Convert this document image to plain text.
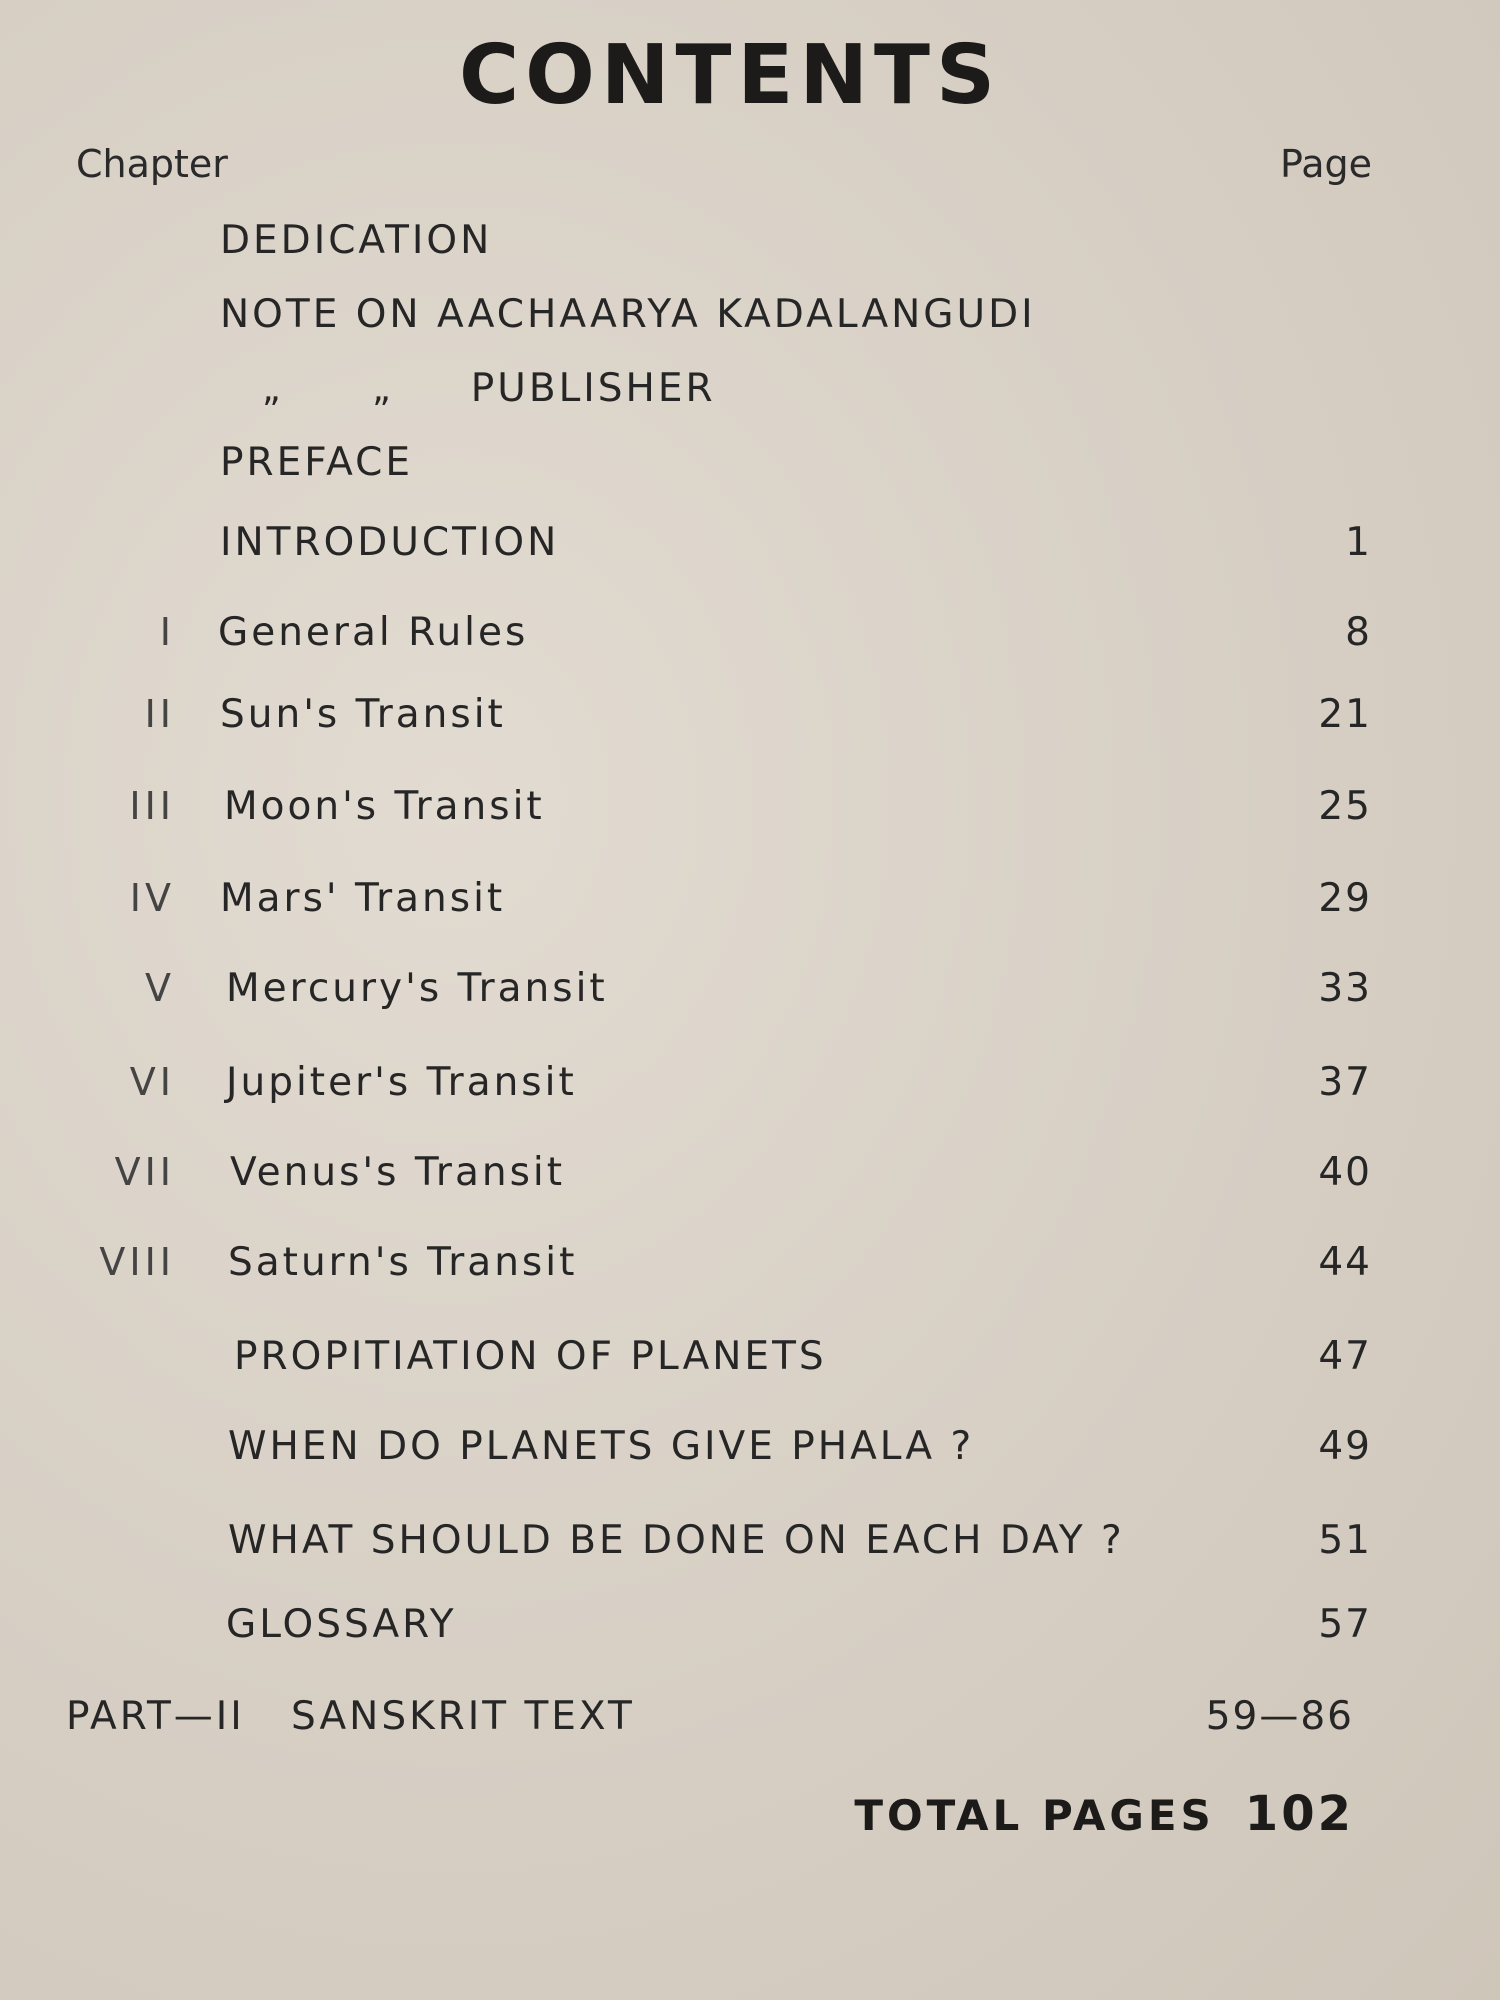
CONTENTS
Chapter	Page
DEDICATION
NOTE ON AACHAARYA KADALANGUDI
„ „ PUBLISHER
PREFACE
INTRODUCTION	1
I General Rules	8
II Sun's Transit	21
III Moon's Transit	25
IV Mars' Transit	29
V Mercury's Transit	33
VI Jupiter's Transit	37
VII Venus's Transit	40
VIII Saturn's Transit	44
PROPITIATION OF PLANETS	47
WHEN DO PLANETS GIVE PHALA ?	49
WHAT SHOULD BE DONE ON EACH DAY ?	51
GLOSSARY	57
PART—II   SANSKRIT TEXT	59—86
TOTAL PAGES 102
